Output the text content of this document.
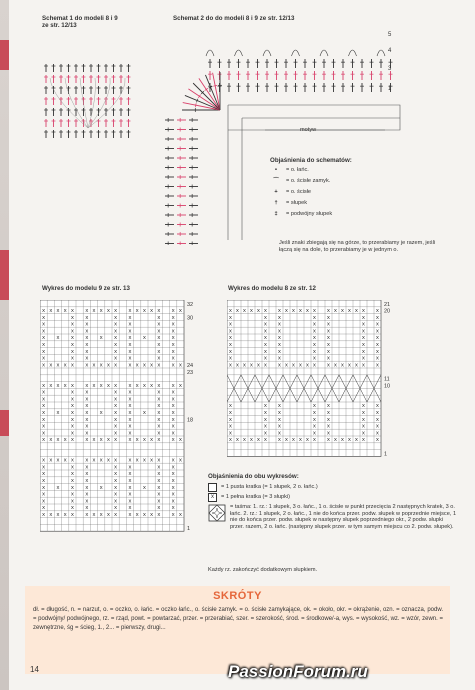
Schemat 1 do modeli 8 i 9
ze str. 12/13
Schemat 2 do do modeli 8 i 9 ze str. 12/13
5
4
3
1
motyw
Objaśnienia do schematów:
•	= o. łańc.
⌒	= o. ścisłe zamyk.
+	= o. ścisłe
†	= słupek
‡	= podwójny słupek
Jeśli znaki zbiegają się na górze, to przerabiamy je razem, jeśli łączą się na dole, to przerabiamy je w jednym o.
Wykres do modelu 9 ze str. 13
x x x x x x x x x x x x x x x x x
x	x x	x x	x x
x	x x	x x	x x
x	x x	x x	x x
x x x x x x x x x x
x	x x	x x	x x
x	x x	x x	x x
x	x x	x x	x x
x x x x x x x x x x x x x x x x x
x x x x x x x x x x x x x x x x x
x	x x	x x	x x
x	x x	x x	x x
x	x x	x x	x x
x x x x x x x x x x
x	x x	x x	x x
x	x x	x x	x x
x	x x	x x	x x
x x x x x x x x x x x x x x x x x
x x x x x x x x x x x x x x x x x
x	x x	x x	x x
x	x x	x x	x x
x	x x	x x	x x
x x x x x x x x x x
x	x x	x x	x x
x	x x	x x	x x
x	x x	x x	x x
x x x x x x x x x x x x x x x x x
32
30
24
23
18
1
Wykres do modelu 8 ze str. 12
x x x x x x x x x x x x x x x x x x x
x	x x	x x	x x
x	x x	x x	x x
x	x x	x x	x x
x	x x	x x	x x
x	x x	x x	x x
x	x x	x x	x x
x	x x	x x	x x
x x x x x x x x x x x x x x x x x x x
x	x x	x x	x x
x	x x	x x	x x
x	x x	x x	x x
x	x x	x x	x x
x	x x	x x	x x
x x x x x x x x x x x x x x x x x x x
21
20
11
10
1
Objaśnienia do obu wykresów:
= 1 pusta kratka (= 1 słupek, 2 o. łańc.)
x	= 1 pełna kratka (= 3 słupki)
= taśma: 1. rz.: 1 słupek, 3 o. łańc., 1 o. ścisłe w punkt przecięcia 2 następnych kratek, 3 o. łańc. 2. rz.: 1 słupek, 2 o. łańc., 1 nie do końca przer. podw. słupek w poprzednie miejsce, 1 nie do końca przer. podw. słupek w następny słupek poprzedniego okr., 2 podw. słupki przer. razem, 2 o. łańc. (następny słupek przer. w tym samym miejscu co 2. podw. słupek).
Każdy rz. zakończyć dodatkowym słupkiem.
SKRÓTY
dł. = długość, n. = narzut, o. = oczko, o. łańc. = oczko łańc., o. ścisłe zamyk. = o. ścisłe zamykające, ok. = około, okr. = okrążenie, ozn. = oznacza, podw. = podwójny/ podwójnego, rz. = rząd, powt. = powtarzać, przer. = przerabiać, szer. = szerokość, środ. = środkowe/-a, wys. = wysokość, wz. = wzór, zewn. = zewnętrzne, śg = ścieg, 1., 2... = pierwszy, drugi...
14	PassionForum.ru
